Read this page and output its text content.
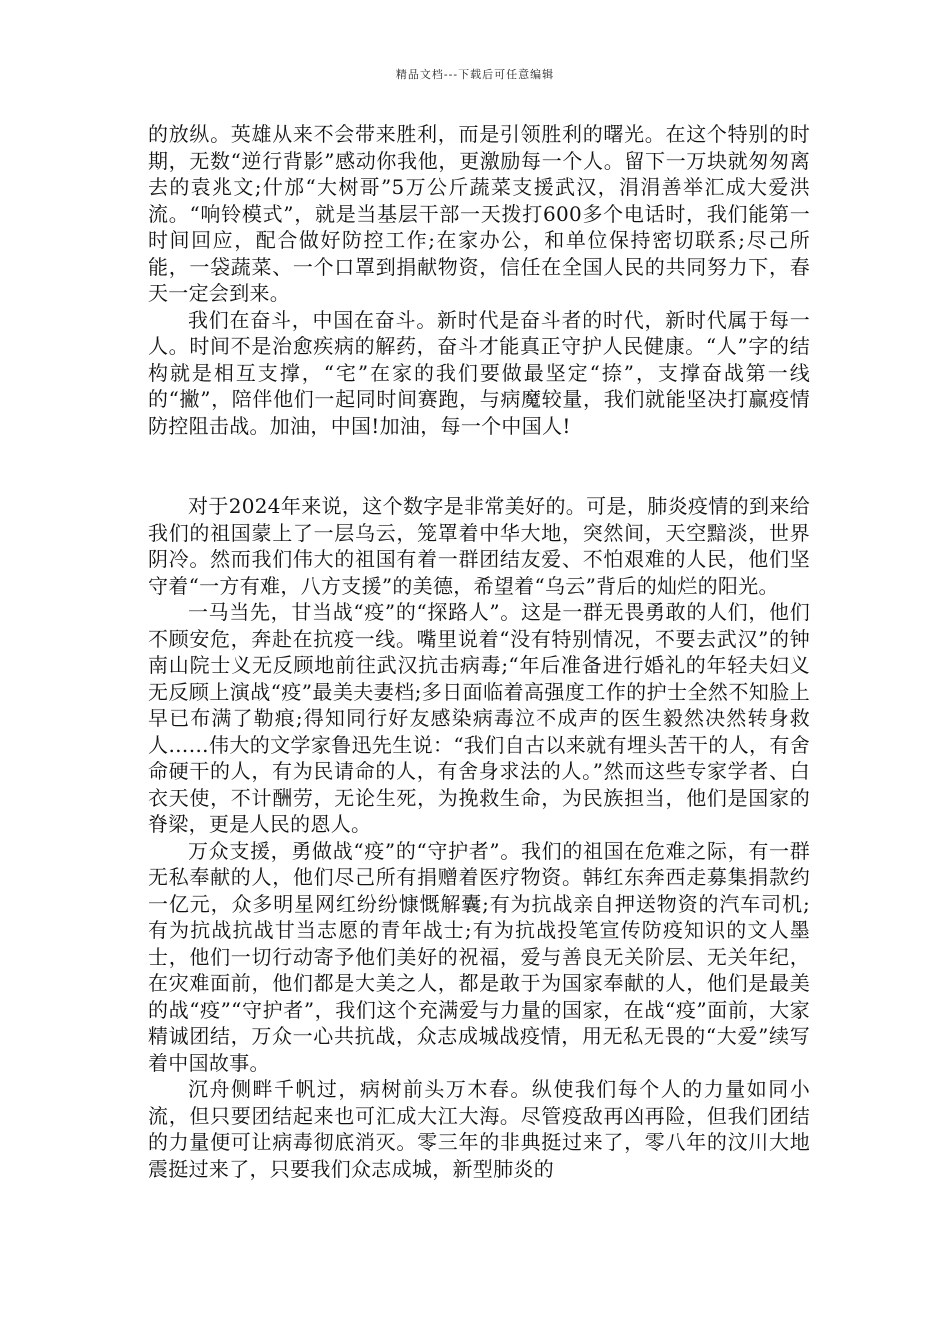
精品文档---下载后可任意编辑

的放纵。英雄从来不会带来胜利，而是引领胜利的曙光。在这个特别的时期，无数“逆行背影”感动你我他，更激励每一个人。留下一万块就匆匆离去的袁兆文;什邡“大树哥”5万公斤蔬菜支援武汉，涓涓善举汇成大爱洪流。“响铃模式”，就是当基层干部一天拨打600多个电话时，我们能第一时间回应，配合做好防控工作;在家办公，和单位保持密切联系;尽己所能，一袋蔬菜、一个口罩到捐献物资，信任在全国人民的共同努力下，春天一定会到来。

我们在奋斗，中国在奋斗。新时代是奋斗者的时代，新时代属于每一人。时间不是治愈疾病的解药，奋斗才能真正守护人民健康。“人”字的结构就是相互支撑，“宅”在家的我们要做最坚定“捺”，支撑奋战第一线的“撇”，陪伴他们一起同时间赛跑，与病魔较量，我们就能坚决打赢疫情防控阻击战。加油，中国!加油，每一个中国人!

对于2024年来说，这个数字是非常美好的。可是，肺炎疫情的到来给我们的祖国蒙上了一层乌云，笼罩着中华大地，突然间，天空黯淡，世界阴冷。然而我们伟大的祖国有着一群团结友爱、不怕艰难的人民，他们坚守着“一方有难，八方支援”的美德，希望着“乌云”背后的灿烂的阳光。

一马当先，甘当战“疫”的“探路人”。这是一群无畏勇敢的人们，他们不顾安危，奔赴在抗疫一线。嘴里说着“没有特别情况，不要去武汉”的钟南山院士义无反顾地前往武汉抗击病毒;“年后准备进行婚礼的年轻夫妇义无反顾上演战“疫”最美夫妻档;多日面临着高强度工作的护士全然不知脸上早已布满了勒痕;得知同行好友感染病毒泣不成声的医生毅然决然转身救人……伟大的文学家鲁迅先生说：“我们自古以来就有埋头苦干的人，有舍命硬干的人，有为民请命的人，有舍身求法的人。”然而这些专家学者、白衣天使，不计酬劳，无论生死，为挽救生命，为民族担当，他们是国家的脊梁，更是人民的恩人。

万众支援，勇做战“疫”的“守护者”。我们的祖国在危难之际，有一群无私奉献的人，他们尽己所有捐赠着医疗物资。韩红东奔西走募集捐款约一亿元，众多明星网红纷纷慷慨解囊;有为抗战亲自押送物资的汽车司机;有为抗战抗战甘当志愿的青年战士;有为抗战投笔宣传防疫知识的文人墨士，他们一切行动寄予他们美好的祝福，爱与善良无关阶层、无关年纪，在灾难面前，他们都是大美之人，都是敢于为国家奉献的人，他们是最美的战“疫”“守护者”，我们这个充满爱与力量的国家，在战“疫”面前，大家精诚团结，万众一心共抗战，众志成城战疫情，用无私无畏的“大爱”续写着中国故事。

沉舟侧畔千帆过，病树前头万木春。纵使我们每个人的力量如同小流，但只要团结起来也可汇成大江大海。尽管疫敌再凶再险，但我们团结的力量便可让病毒彻底消灭。零三年的非典挺过来了，零八年的汶川大地震挺过来了，只要我们众志成城，新型肺炎的
